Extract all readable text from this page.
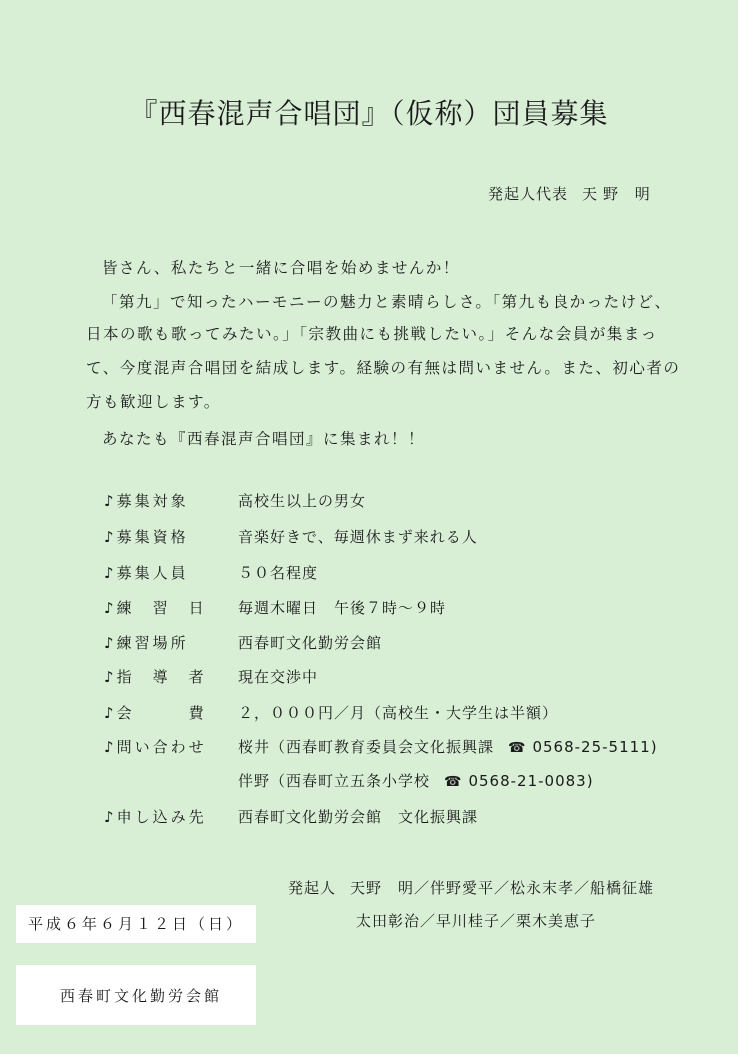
『西春混声合唱団』（仮称）団員募集
発起人代表 天野 明
皆さん、私たちと一緒に合唱を始めませんか！
「第九」で知ったハーモニーの魅力と素晴らしさ。「第九も良かったけど、
日本の歌も歌ってみたい。」「宗教曲にも挑戦したい。」そんな会員が集まっ
て、今度混声合唱団を結成します。経験の有無は問いません。また、初心者の
方も歓迎します。
あなたも『西春混声合唱団』に集まれ！！
♪募集対象	高校生以上の男女
♪募集資格	音楽好きで、毎週休まず来れる人
♪募集人員	５０名程度
♪練　習　日	毎週木曜日　午後７時～９時
♪練習場所	西春町文化勤労会館
♪指　導　者	現在交渉中
♪会　　　費	２，０００円／月（高校生・大学生は半額）
♪問い合わせ	桜井（西春町教育委員会文化振興課 ☎ 0568-25-5111)
伴野（西春町立五条小学校 ☎ 0568-21-0083)
♪申し込み先	西春町文化勤労会館　文化振興課
発起人 天野　明／伴野愛平／松永末孝／船橋征雄
太田彰治／早川桂子／栗木美恵子
平成６年６月１２日（日）
西春町文化勤労会館
